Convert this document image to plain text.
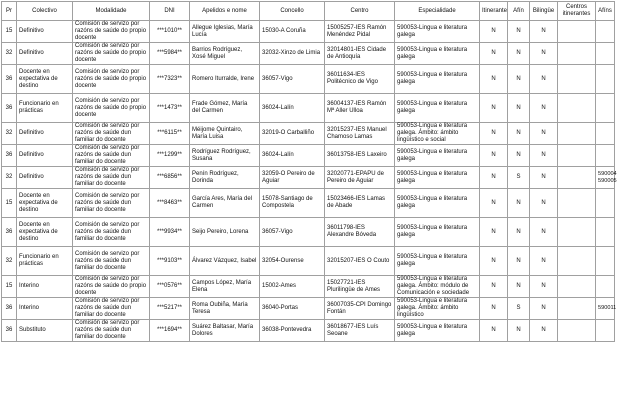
Pr	Colectivo	Modalidade	DNI	Apelidos e nome	Concello	Centro	Especialidade	Itinerante	Afín	Bilingüe	Centros itinerantes	Afíns
15	Definitivo	Comisión de servizo por razóns de saúde do propio docente	***1010**	Allegue Iglesias, María Lucía	15030-A Coruña	15005257-IES Ramón Menéndez Pidal	590053-Lingua e literatura galega	N	N	N		
32	Definitivo	Comisión de servizo por razóns de saúde do propio docente	***5984**	Barrios Rodríguez, Xosé Miguel	32032-Xinzo de Limia	32014801-IES Cidade de Antioquía	590053-Lingua e literatura galega	N	N	N		
36	Docente en expectativa de destino	Comisión de servizo por razóns de saúde do propio docente	***7323**	Romero Iturralde, Irene	36057-Vigo	36011634-IES Politécnico de Vigo	590053-Lingua e literatura galega	N	N	N		
36	Funcionario en prácticas	Comisión de servizo por razóns de saúde do propio docente	***1473**	Frade Gómez, María del Carmen	36024-Lalín	36004137-IES Ramón Mª Aller Ulloa	590053-Lingua e literatura galega	N	N	N		
32	Definitivo	Comisión de servizo por razóns de saúde dun familiar do docente	***6115**	Méijome Quintairo, María Luisa	32019-O Carballiño	32015237-IES Manuel Chamoso Lamas	590053-Lingua e literatura galega. Ámbito: ámbito lingüístico e social	N	N	N		
36	Definitivo	Comisión de servizo por razóns de saúde dun familiar do docente	***1299**	Rodríguez Rodríguez, Susana	36024-Lalín	36013758-IES Laxeiro	590053-Lingua e literatura galega	N	N	N		
32	Definitivo	Comisión de servizo por razóns de saúde dun familiar do docente	***6856**	Penín Rodríguez, Dorinda	32059-O Pereiro de Aguiar	32020771-EPAPU de Pereiro de Aguiar	590053-Lingua e literatura galega	N	S	N		590004 590005
15	Docente en expectativa de destino	Comisión de servizo por razóns de saúde dun familiar do docente	***8463**	García Ares, María del Carmen	15078-Santiago de Compostela	15023466-IES Lamas de Abade	590053-Lingua e literatura galega	N	N	N		
36	Docente en expectativa de destino	Comisión de servizo por razóns de saúde dun familiar do docente	***9934**	Seijo Pereiro, Lorena	36057-Vigo	36011798-IES Alexandre Bóveda	590053-Lingua e literatura galega	N	N	N		
32	Funcionario en prácticas	Comisión de servizo por razóns de saúde dun familiar do docente	***9103**	Álvarez Vázquez, Isabel	32054-Ourense	32015207-IES O Couto	590053-Lingua e literatura galega	N	N	N		
15	Interino	Comisión de servizo por razóns de saúde do propio docente	***0576**	Campos López, María Elena	15002-Ames	15027721-IES Plurilingüe de Ames	590053-Lingua e literatura galega. Ámbito: módulo de Comunicación e sociedade	N	N	N		
36	Interino	Comisión de servizo por razóns de saúde dun familiar do docente	***5217**	Roma Oubiña, María Teresa	36040-Portas	36007035-CPI Domingo Fontán	590053-Lingua e literatura galega. Ámbito: ámbito lingüístico	N	S	N		590011
36	Substituto	Comisión de servizo por razóns de saúde dun familiar do docente	***1694**	Suárez Baltasar, María Dolores	36038-Pontevedra	36018677-IES Luís Seoane	590053-Lingua e literatura galega	N	N	N		
